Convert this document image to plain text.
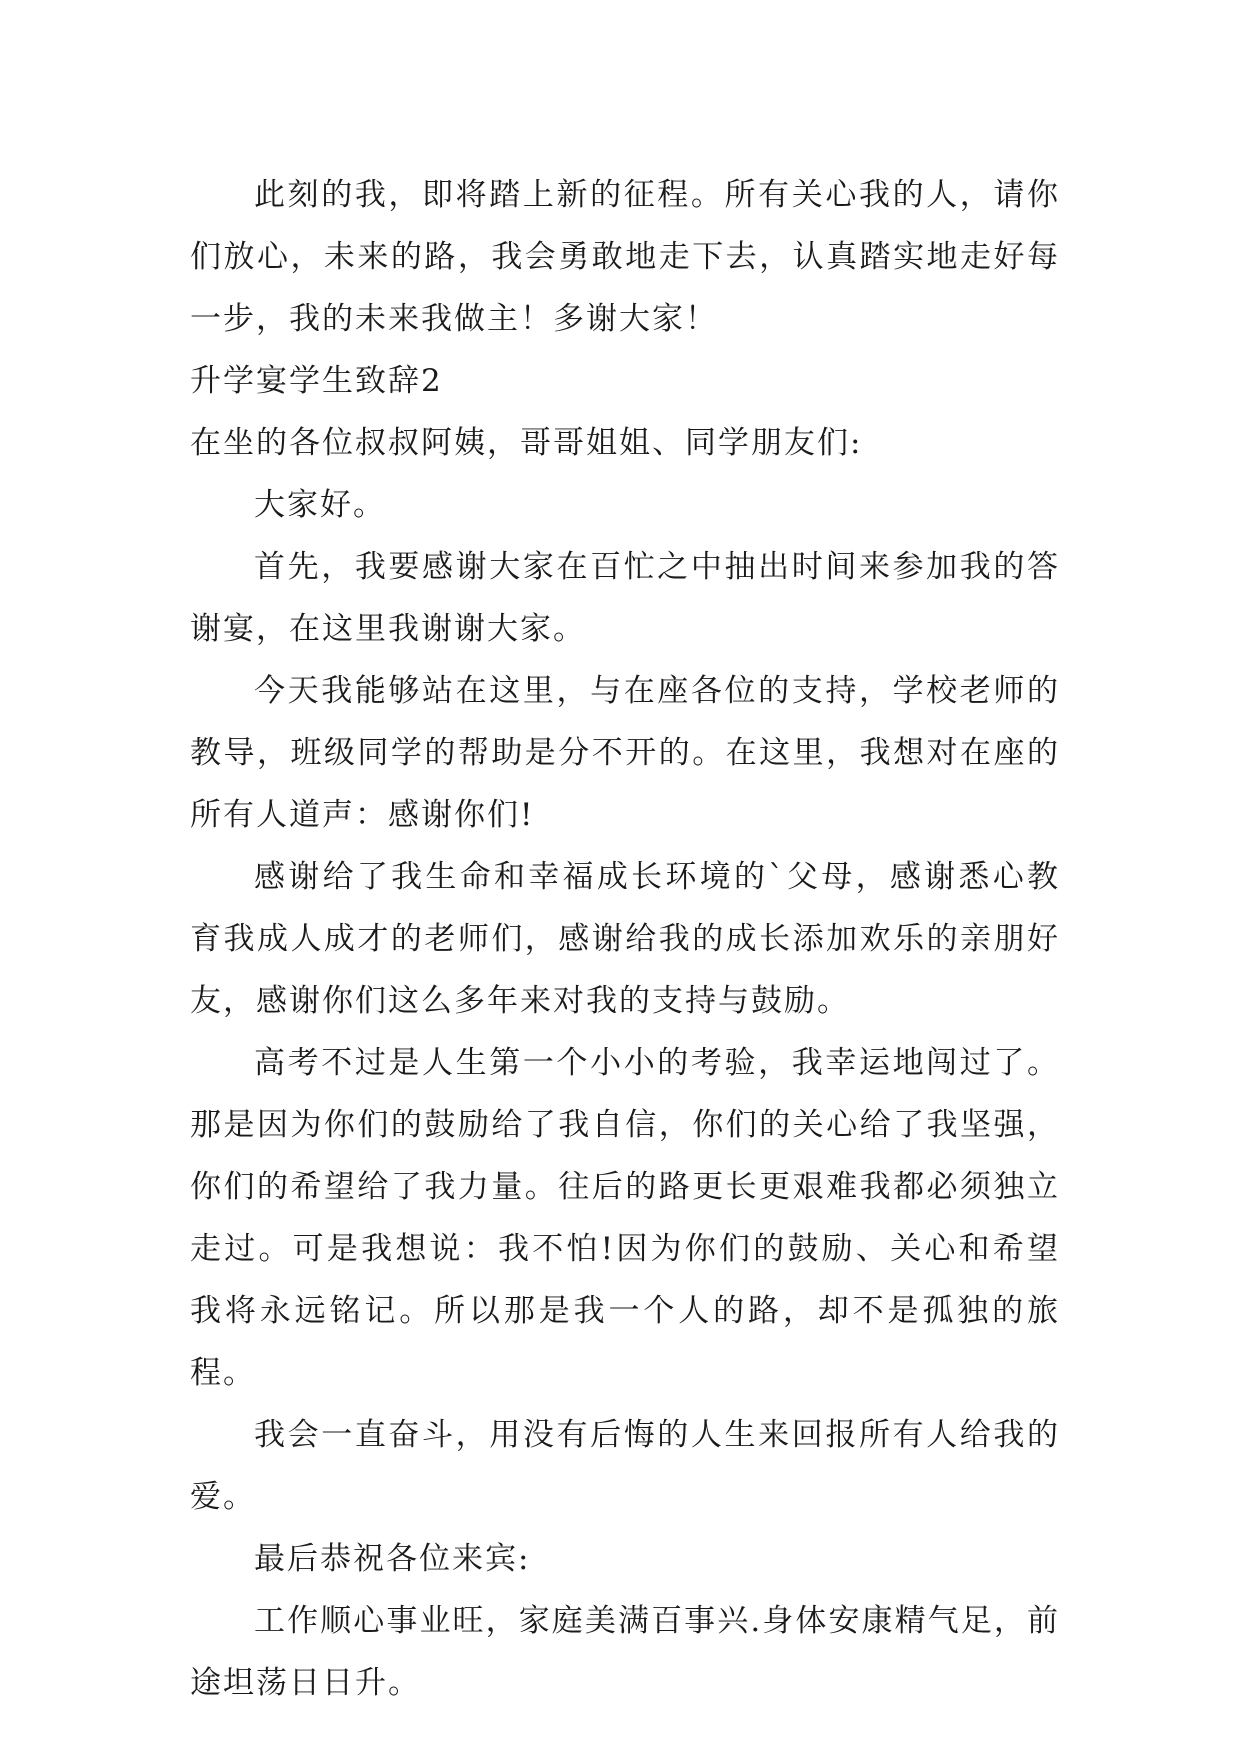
此刻的我，即将踏上新的征程。所有关心我的人，请你们放心，未来的路，我会勇敢地走下去，认真踏实地走好每一步，我的未来我做主！多谢大家！

升学宴学生致辞2

在坐的各位叔叔阿姨，哥哥姐姐、同学朋友们:

大家好。

首先，我要感谢大家在百忙之中抽出时间来参加我的答谢宴，在这里我谢谢大家。

今天我能够站在这里，与在座各位的支持，学校老师的教导，班级同学的帮助是分不开的。在这里，我想对在座的所有人道声：感谢你们!

感谢给了我生命和幸福成长环境的`父母，感谢悉心教育我成人成才的老师们，感谢给我的成长添加欢乐的亲朋好友，感谢你们这么多年来对我的支持与鼓励。

高考不过是人生第一个小小的考验，我幸运地闯过了。那是因为你们的鼓励给了我自信，你们的关心给了我坚强，你们的希望给了我力量。往后的路更长更艰难我都必须独立走过。可是我想说：我不怕!因为你们的鼓励、关心和希望我将永远铭记。所以那是我一个人的路，却不是孤独的旅程。

我会一直奋斗，用没有后悔的人生来回报所有人给我的爱。

最后恭祝各位来宾:

工作顺心事业旺，家庭美满百事兴.身体安康精气足，前途坦荡日日升。
